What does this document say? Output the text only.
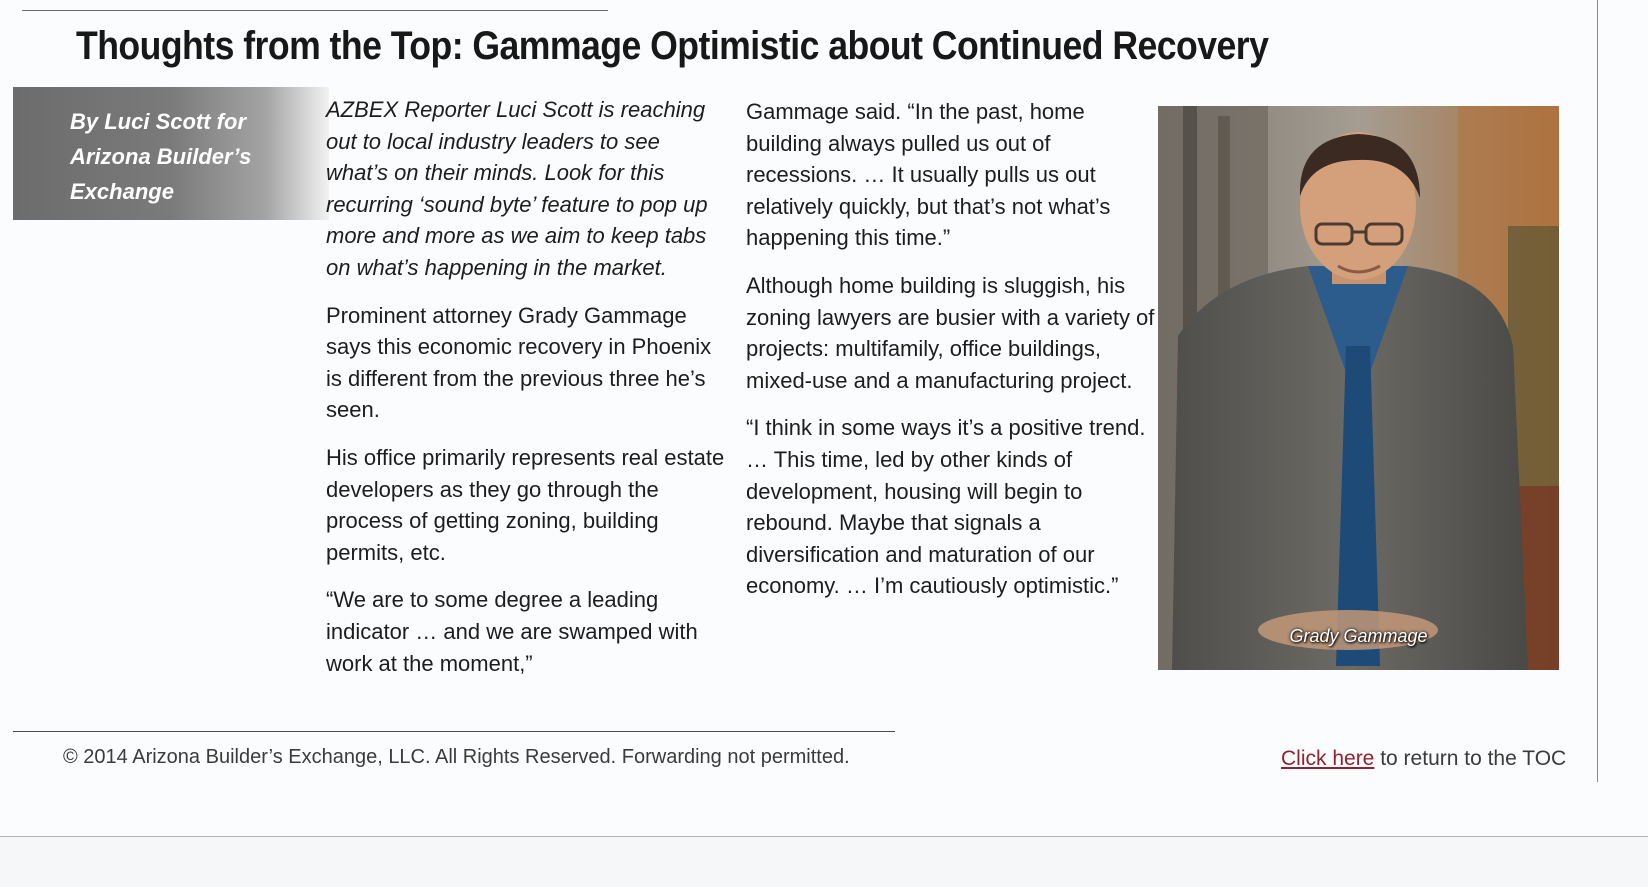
Thoughts from the Top: Gammage Optimistic about Continued Recovery
By Luci Scott for Arizona Builder’s Exchange

AZBEX Reporter Luci Scott is reaching out to local industry leaders to see what’s on their minds. Look for this recurring ‘sound byte’ feature to pop up more and more as we aim to keep tabs on what’s happening in the market.

Prominent attorney Grady Gammage says this economic recovery in Phoenix is different from the previous three he’s seen.

His office primarily represents real estate developers as they go through the process of getting zoning, building permits, etc.

“We are to some degree a leading indicator … and we are swamped with work at the moment,”

Gammage said. “In the past, home building always pulled us out of recessions. … It usually pulls us out relatively quickly, but that’s not what’s happening this time.”

Although home building is sluggish, his zoning lawyers are busier with a variety of projects: multifamily, office buildings, mixed-use and a manufacturing project.

“I think in some ways it’s a positive trend. … This time, led by other kinds of development, housing will begin to rebound. Maybe that signals a diversification and maturation of our economy. … I’m cautiously optimistic.”

Grady Gammage
© 2014 Arizona Builder’s Exchange, LLC. All Rights Reserved. Forwarding not permitted.	Click here to return to the TOC
